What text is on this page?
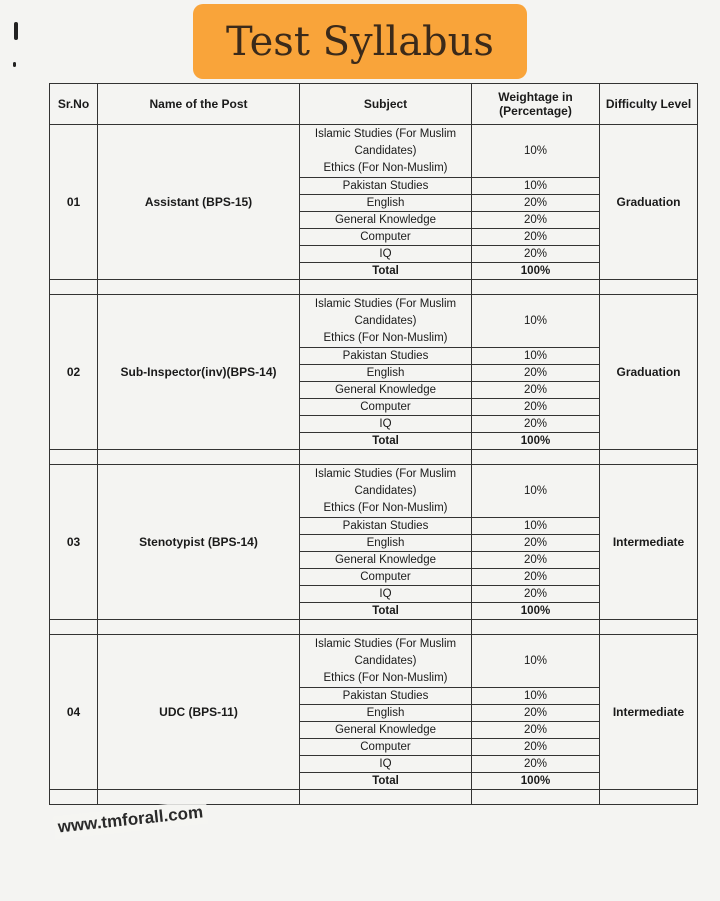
Test Syllabus
Sr.No	Name of the Post	Subject	Weightage in (Percentage)	Difficulty Level
01	Assistant (BPS-15)	Islamic Studies (For Muslim
Candidates)
Ethics (For Non-Muslim)	10%	Graduation
		Pakistan Studies	10%	
		English	20%	
		General Knowledge	20%	
		Computer	20%	
		IQ	20%	
		Total	100%	

02	Sub-Inspector(inv)(BPS-14)	Islamic Studies (For Muslim
Candidates)
Ethics (For Non-Muslim)	10%	Graduation
		Pakistan Studies	10%	
		English	20%	
		General Knowledge	20%	
		Computer	20%	
		IQ	20%	
		Total	100%	

03	Stenotypist (BPS-14)	Islamic Studies (For Muslim
Candidates)
Ethics (For Non-Muslim)	10%	Intermediate
		Pakistan Studies	10%	
		English	20%	
		General Knowledge	20%	
		Computer	20%	
		IQ	20%	
		Total	100%	

04	UDC (BPS-11)	Islamic Studies (For Muslim
Candidates)
Ethics (For Non-Muslim)	10%	Intermediate
		Pakistan Studies	10%	
		English	20%	
		General Knowledge	20%	
		Computer	20%	
		IQ	20%	
		Total	100%	

www.tmforall.com
